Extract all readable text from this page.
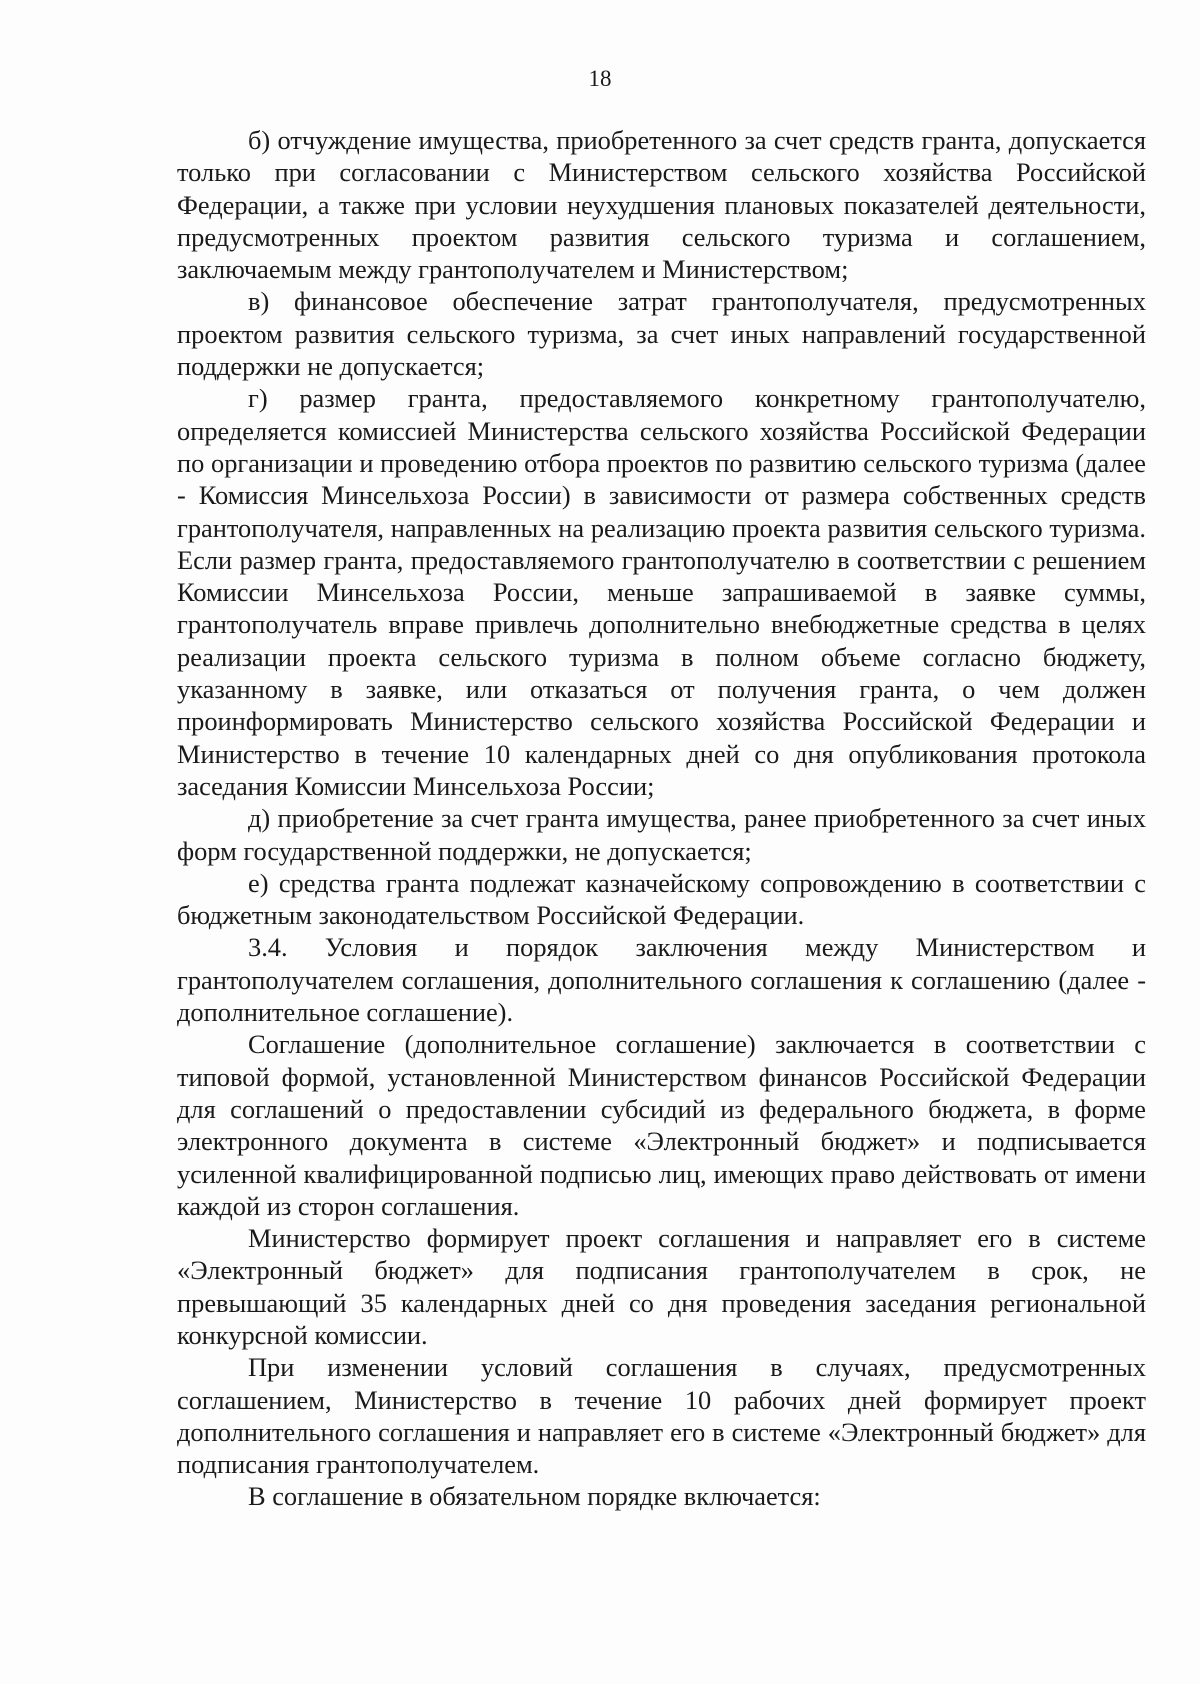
18

б) отчуждение имущества, приобретенного за счет средств гранта, допускается только при согласовании с Министерством сельского хозяйства Российской Федерации, а также при условии неухудшения плановых показателей деятельности, предусмотренных проектом развития сельского туризма и соглашением, заключаемым между грантополучателем и Министерством;

в) финансовое обеспечение затрат грантополучателя, предусмотренных проектом развития сельского туризма, за счет иных направлений государственной поддержки не допускается;

г) размер гранта, предоставляемого конкретному грантополучателю, определяется комиссией Министерства сельского хозяйства Российской Федерации по организации и проведению отбора проектов по развитию сельского туризма (далее - Комиссия Минсельхоза России) в зависимости от размера собственных средств грантополучателя, направленных на реализацию проекта развития сельского туризма. Если размер гранта, предоставляемого грантополучателю в соответствии с решением Комиссии Минсельхоза России, меньше запрашиваемой в заявке суммы, грантополучатель вправе привлечь дополнительно внебюджетные средства в целях реализации проекта сельского туризма в полном объеме согласно бюджету, указанному в заявке, или отказаться от получения гранта, о чем должен проинформировать Министерство сельского хозяйства Российской Федерации и Министерство в течение 10 календарных дней со дня опубликования протокола заседания Комиссии Минсельхоза России;

д) приобретение за счет гранта имущества, ранее приобретенного за счет иных форм государственной поддержки, не допускается;

е) средства гранта подлежат казначейскому сопровождению в соответствии с бюджетным законодательством Российской Федерации.

3.4. Условия и порядок заключения между Министерством и грантополучателем соглашения, дополнительного соглашения к соглашению (далее - дополнительное соглашение).

Соглашение (дополнительное соглашение) заключается в соответствии с типовой формой, установленной Министерством финансов Российской Федерации для соглашений о предоставлении субсидий из федерального бюджета, в форме электронного документа в системе «Электронный бюджет» и подписывается усиленной квалифицированной подписью лиц, имеющих право действовать от имени каждой из сторон соглашения.

Министерство формирует проект соглашения и направляет его в системе «Электронный бюджет» для подписания грантополучателем в срок, не превышающий 35 календарных дней со дня проведения заседания региональной конкурсной комиссии.

При изменении условий соглашения в случаях, предусмотренных соглашением, Министерство в течение 10 рабочих дней формирует проект дополнительного соглашения и направляет его в системе «Электронный бюджет» для подписания грантополучателем.

В соглашение в обязательном порядке включается:
